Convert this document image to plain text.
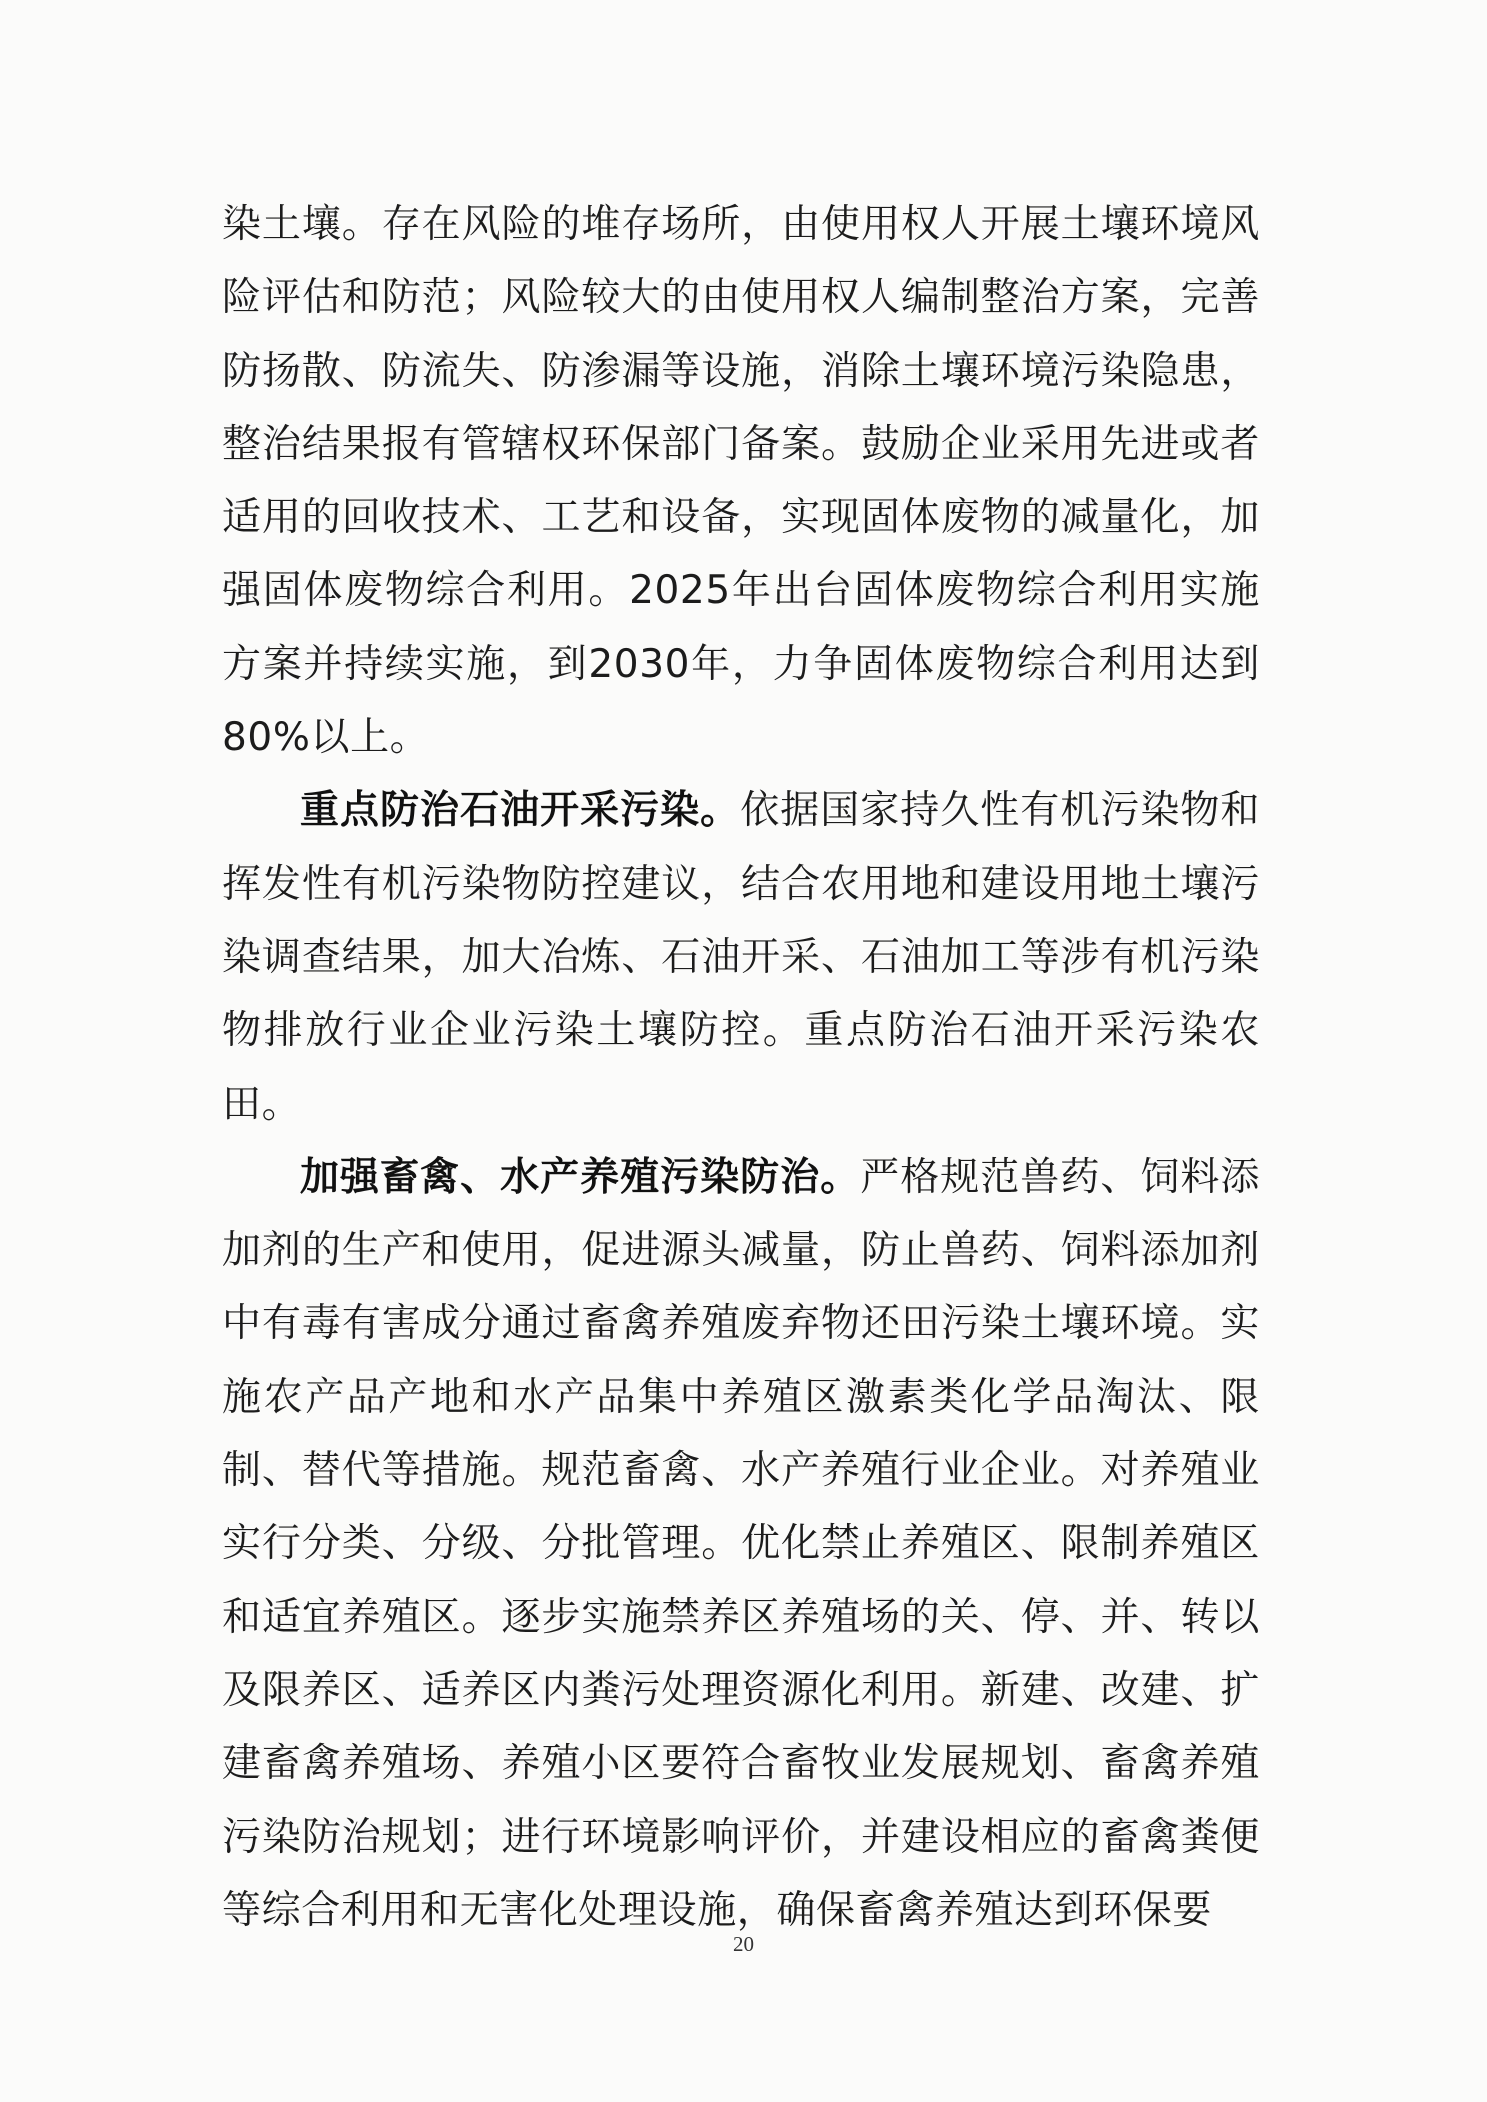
染土壤。存在风险的堆存场所，由使用权人开展土壤环境风险评估和防范；风险较大的由使用权人编制整治方案，完善防扬散、防流失、防渗漏等设施，消除土壤环境污染隐患，整治结果报有管辖权环保部门备案。鼓励企业采用先进或者适用的回收技术、工艺和设备，实现固体废物的减量化，加强固体废物综合利用。2025年出台固体废物综合利用实施方案并持续实施，到2030年，力争固体废物综合利用达到80%以上。

重点防治石油开采污染。依据国家持久性有机污染物和挥发性有机污染物防控建议，结合农用地和建设用地土壤污染调查结果，加大冶炼、石油开采、石油加工等涉有机污染物排放行业企业污染土壤防控。重点防治石油开采污染农田。

加强畜禽、水产养殖污染防治。严格规范兽药、饲料添加剂的生产和使用，促进源头减量，防止兽药、饲料添加剂中有毒有害成分通过畜禽养殖废弃物还田污染土壤环境。实施农产品产地和水产品集中养殖区激素类化学品淘汰、限制、替代等措施。规范畜禽、水产养殖行业企业。对养殖业实行分类、分级、分批管理。优化禁止养殖区、限制养殖区和适宜养殖区。逐步实施禁养区养殖场的关、停、并、转以及限养区、适养区内粪污处理资源化利用。新建、改建、扩建畜禽养殖场、养殖小区要符合畜牧业发展规划、畜禽养殖污染防治规划；进行环境影响评价，并建设相应的畜禽粪便等综合利用和无害化处理设施，确保畜禽养殖达到环保要

20
